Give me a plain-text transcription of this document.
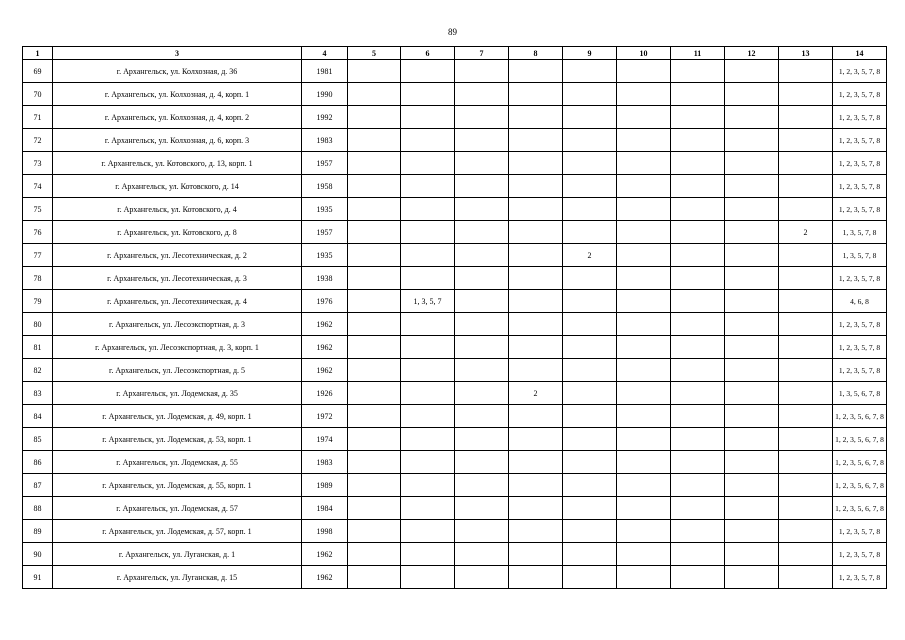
89
1	3	4	5	6	7	8	9	10	11	12	13	14
69	г. Архангельск, ул. Колхозная, д. 36	1981										1, 2, 3, 5, 7, 8
70	г. Архангельск, ул. Колхозная, д. 4, корп. 1	1990										1, 2, 3, 5, 7, 8
71	г. Архангельск, ул. Колхозная, д. 4, корп. 2	1992										1, 2, 3, 5, 7, 8
72	г. Архангельск, ул. Колхозная, д. 6, корп. 3	1983										1, 2, 3, 5, 7, 8
73	г. Архангельск, ул. Котовского, д. 13, корп. 1	1957										1, 2, 3, 5, 7, 8
74	г. Архангельск, ул. Котовского, д. 14	1958										1, 2, 3, 5, 7, 8
75	г. Архангельск, ул. Котовского, д. 4	1935										1, 2, 3, 5, 7, 8
76	г. Архангельск, ул. Котовского, д. 8	1957									2	1, 3, 5, 7, 8
77	г. Архангельск, ул. Лесотехническая, д. 2	1935					2					1, 3, 5, 7, 8
78	г. Архангельск, ул. Лесотехническая, д. 3	1938										1, 2, 3, 5, 7, 8
79	г. Архангельск, ул. Лесотехническая, д. 4	1976		1, 3, 5, 7								4, 6, 8
80	г. Архангельск, ул. Лесоэкспортная, д. 3	1962										1, 2, 3, 5, 7, 8
81	г. Архангельск, ул. Лесоэкспортная, д. 3, корп. 1	1962										1, 2, 3, 5, 7, 8
82	г. Архангельск, ул. Лесоэкспортная, д. 5	1962										1, 2, 3, 5, 7, 8
83	г. Архангельск, ул. Лодемская, д. 35	1926				2						1, 3, 5, 6, 7, 8
84	г. Архангельск, ул. Лодемская, д. 49, корп. 1	1972										1, 2, 3, 5, 6, 7, 8
85	г. Архангельск, ул. Лодемская, д. 53, корп. 1	1974										1, 2, 3, 5, 6, 7, 8
86	г. Архангельск, ул. Лодемская, д. 55	1983										1, 2, 3, 5, 6, 7, 8
87	г. Архангельск, ул. Лодемская, д. 55, корп. 1	1989										1, 2, 3, 5, 6, 7, 8
88	г. Архангельск, ул. Лодемская, д. 57	1984										1, 2, 3, 5, 6, 7, 8
89	г. Архангельск, ул. Лодемская, д. 57, корп. 1	1998										1, 2, 3, 5, 7, 8
90	г. Архангельск, ул. Луганская, д. 1	1962										1, 2, 3, 5, 7, 8
91	г. Архангельск, ул. Луганская, д. 15	1962										1, 2, 3, 5, 7, 8
